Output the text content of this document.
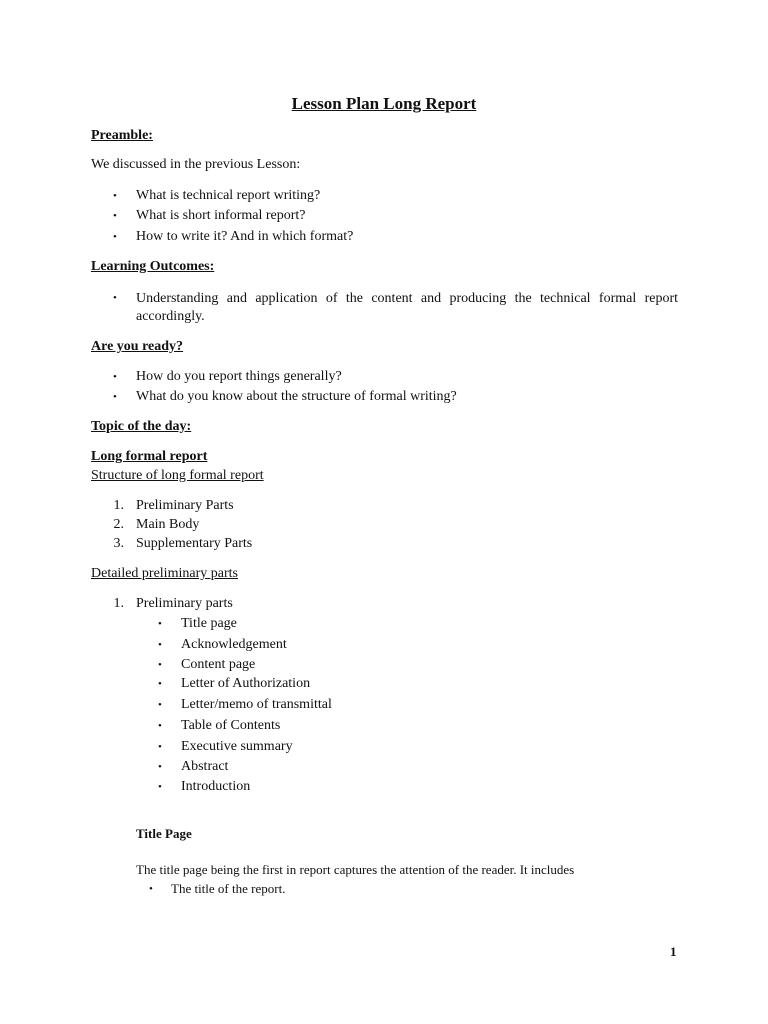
Lesson Plan Long Report
Preamble:
We discussed in the previous Lesson:
• What is technical report writing?
• What is short informal report?
• How to write it? And in which format?
Learning Outcomes:
• Understanding and application of the content and producing the technical formal report
accordingly.
Are you ready?
• How do you report things generally?
• What do you know about the structure of formal writing?
Topic of the day:
Long formal report
Structure of long formal report
1. Preliminary Parts
2. Main Body
3. Supplementary Parts
Detailed preliminary parts
1. Preliminary parts
• Title page
• Acknowledgement
• Content page
• Letter of Authorization
• Letter/memo of transmittal
• Table of Contents
• Executive summary
• Abstract
• Introduction
Title Page
The title page being the first in report captures the attention of the reader. It includes
• The title of the report.
1
